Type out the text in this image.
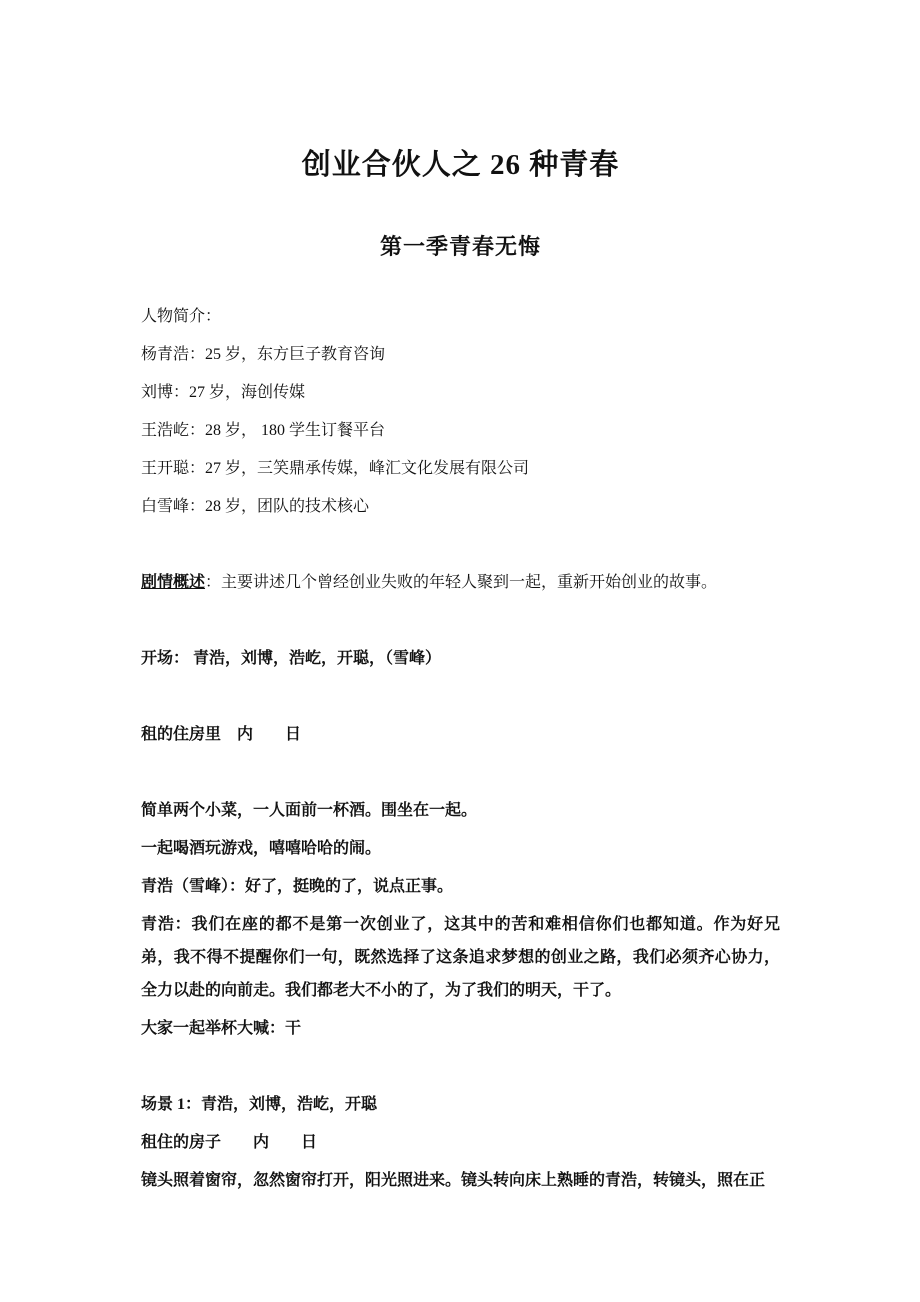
创业合伙人之 26 种青春
第一季青春无悔

人物简介：

杨青浩：25 岁，东方巨子教育咨询

刘博：27 岁，海创传媒

王浩屹：28 岁， 180 学生订餐平台

王开聪：27 岁，三笑鼎承传媒，峰汇文化发展有限公司

白雪峰：28 岁，团队的技术核心

剧情概述：主要讲述几个曾经创业失败的年轻人聚到一起，重新开始创业的故事。

开场： 青浩，刘博，浩屹，开聪，（雪峰）

租的住房里　内　　日

简单两个小菜，一人面前一杯酒。围坐在一起。

一起喝酒玩游戏，嘻嘻哈哈的闹。

青浩（雪峰）：好了，挺晚的了，说点正事。

青浩：我们在座的都不是第一次创业了，这其中的苦和难相信你们也都知道。作为好兄弟，我不得不提醒你们一句，既然选择了这条追求梦想的创业之路，我们必须齐心协力，全力以赴的向前走。我们都老大不小的了，为了我们的明天，干了。

大家一起举杯大喊：干

场景 1：青浩，刘博，浩屹，开聪

租住的房子　　内　　日

镜头照着窗帘，忽然窗帘打开，阳光照进来。镜头转向床上熟睡的青浩，转镜头，照在正
